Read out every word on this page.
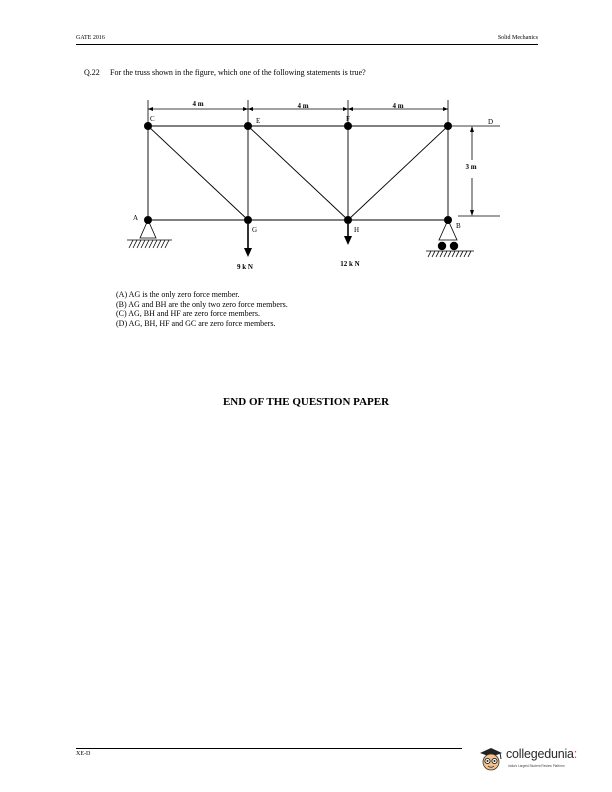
GATE 2016	Solid Mechanics
Q.22 For the truss shown in the figure, which one of the following statements is true?
4 m	4 m	4 m
3 m
C	E	F	D
A
G	H	B
9 k N	12 k N
(A) AG is the only zero force member.
(B) AG and BH are the only two zero force members.
(C) AG, BH and HF are zero force members.
(D) AG, BH, HF and GC are zero force members.
END OF THE QUESTION PAPER
XE-D	collegedunia:
India's Largest Student Review Platform
